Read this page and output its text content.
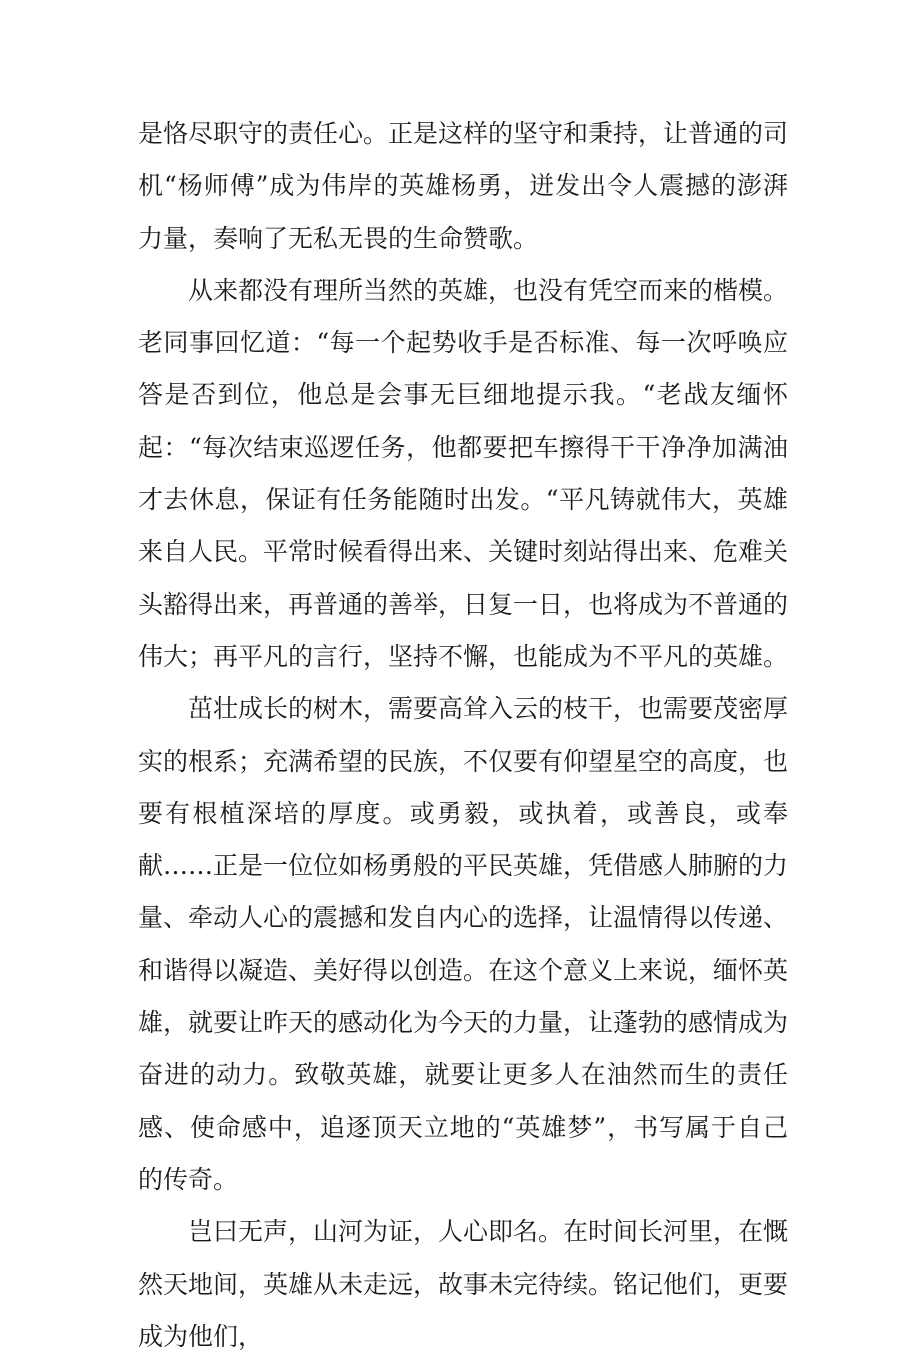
是恪尽职守的责任心。正是这样的坚守和秉持，让普通的司机“杨师傅”成为伟岸的英雄杨勇，迸发出令人震撼的澎湃力量，奏响了无私无畏的生命赞歌。

从来都没有理所当然的英雄，也没有凭空而来的楷模。老同事回忆道：“每一个起势收手是否标准、每一次呼唤应答是否到位，他总是会事无巨细地提示我。“老战友缅怀起：“每次结束巡逻任务，他都要把车擦得干干净净加满油才去休息，保证有任务能随时出发。“平凡铸就伟大，英雄来自人民。平常时候看得出来、关键时刻站得出来、危难关头豁得出来，再普通的善举，日复一日，也将成为不普通的伟大；再平凡的言行，坚持不懈，也能成为不平凡的英雄。

茁壮成长的树木，需要高耸入云的枝干，也需要茂密厚实的根系；充满希望的民族，不仅要有仰望星空的高度，也要有根植深培的厚度。或勇毅，或执着，或善良，或奉献……正是一位位如杨勇般的平民英雄，凭借感人肺腑的力量、牵动人心的震撼和发自内心的选择，让温情得以传递、和谐得以凝造、美好得以创造。在这个意义上来说，缅怀英雄，就要让昨天的感动化为今天的力量，让蓬勃的感情成为奋进的动力。致敬英雄，就要让更多人在油然而生的责任感、使命感中，追逐顶天立地的“英雄梦”，书写属于自己的传奇。

岂曰无声，山河为证，人心即名。在时间长河里，在慨然天地间，英雄从未走远，故事未完待续。铭记他们，更要成为他们，
